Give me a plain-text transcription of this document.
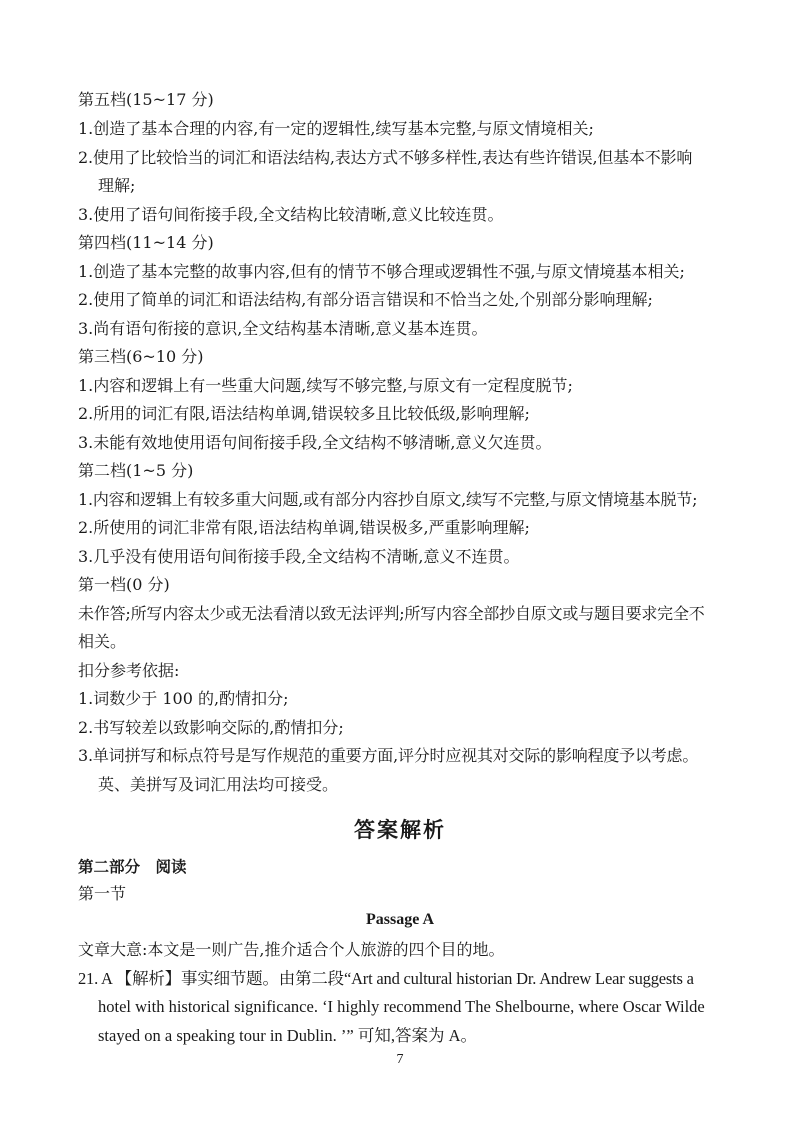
第五档(15~17 分)
1.创造了基本合理的内容,有一定的逻辑性,续写基本完整,与原文情境相关;
2.使用了比较恰当的词汇和语法结构,表达方式不够多样性,表达有些许错误,但基本不影响
理解;
3.使用了语句间衔接手段,全文结构比较清晰,意义比较连贯。
第四档(11~14 分)
1.创造了基本完整的故事内容,但有的情节不够合理或逻辑性不强,与原文情境基本相关;
2.使用了简单的词汇和语法结构,有部分语言错误和不恰当之处,个别部分影响理解;
3.尚有语句衔接的意识,全文结构基本清晰,意义基本连贯。
第三档(6~10 分)
1.内容和逻辑上有一些重大问题,续写不够完整,与原文有一定程度脱节;
2.所用的词汇有限,语法结构单调,错误较多且比较低级,影响理解;
3.未能有效地使用语句间衔接手段,全文结构不够清晰,意义欠连贯。
第二档(1~5 分)
1.内容和逻辑上有较多重大问题,或有部分内容抄自原文,续写不完整,与原文情境基本脱节;
2.所使用的词汇非常有限,语法结构单调,错误极多,严重影响理解;
3.几乎没有使用语句间衔接手段,全文结构不清晰,意义不连贯。
第一档(0 分)
未作答;所写内容太少或无法看清以致无法评判;所写内容全部抄自原文或与题目要求完全不
相关。
扣分参考依据:
1.词数少于 100 的,酌情扣分;
2.书写较差以致影响交际的,酌情扣分;
3.单词拼写和标点符号是写作规范的重要方面,评分时应视其对交际的影响程度予以考虑。
英、美拼写及词汇用法均可接受。
答案解析
第二部分　阅读
第一节
Passage A
文章大意:本文是一则广告,推介适合个人旅游的四个目的地。
21. A 【解析】事实细节题。由第二段“Art and cultural historian Dr. Andrew Lear suggests a
hotel with historical significance. ‘I highly recommend The Shelbourne, where Oscar Wilde
stayed on a speaking tour in Dublin. ’” 可知,答案为 A。
7
